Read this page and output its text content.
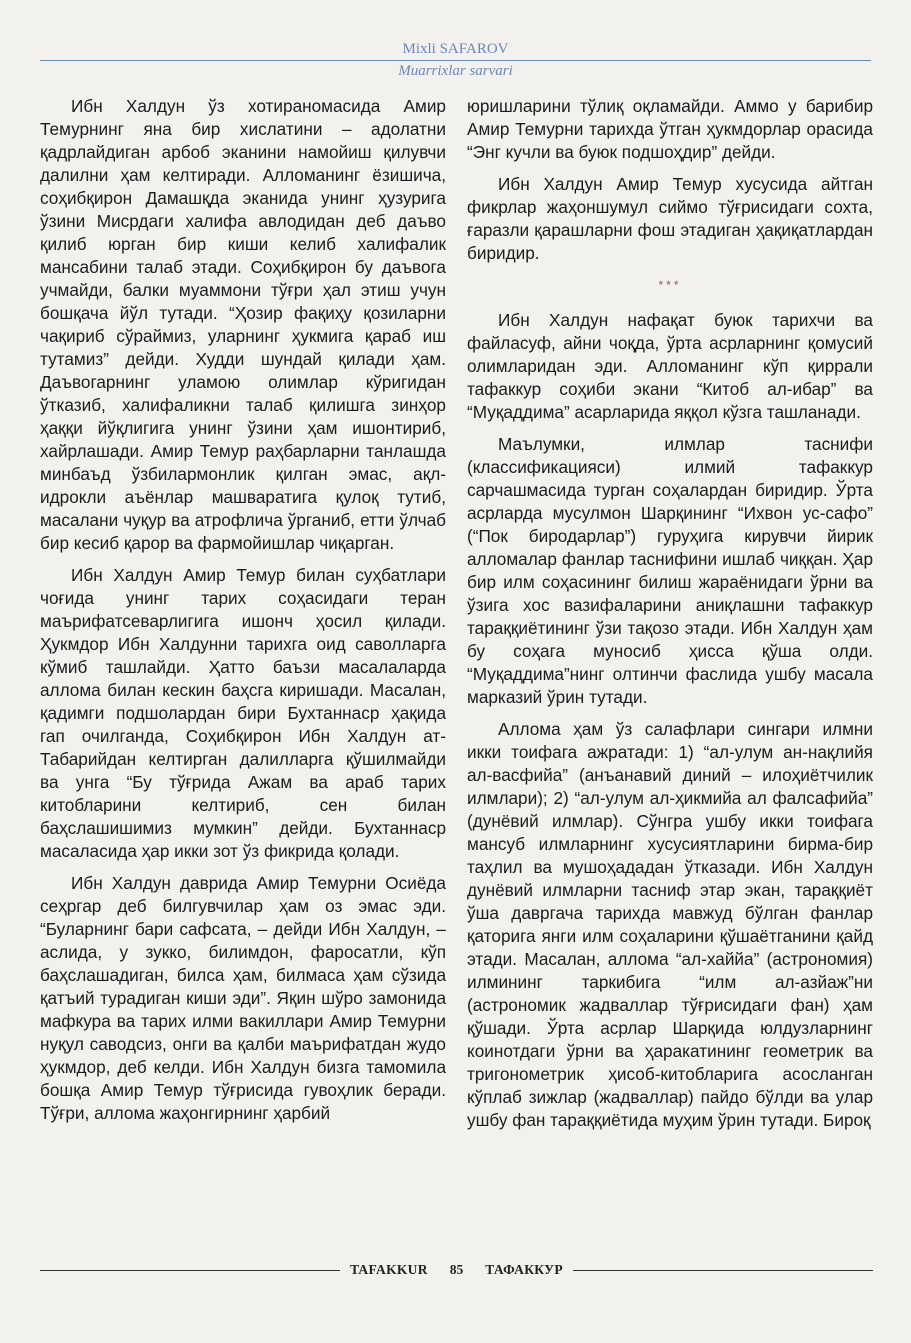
Mixli SAFAROV
Muarrixlar sarvari

Ибн Халдун ўз хотираномасида Амир Темурнинг яна бир хислатини – адолатни қадрлайдиган арбоб эканини намойиш қилувчи далилни ҳам келтиради. Алломанинг ёзишича, соҳибқирон Дамашқда эканида унинг ҳузурига ўзини Мисрдаги халифа авлодидан деб даъво қилиб юрган бир киши келиб халифалик мансабини талаб этади. Соҳибқирон бу даъвога учмайди, балки муаммони тўғри ҳал этиш учун бошқача йўл тутади. “Ҳозир фақиҳу қозиларни чақириб сўраймиз, уларнинг ҳукмига қараб иш тутамиз” дейди. Худди шундай қилади ҳам. Даъвогарнинг уламою олимлар кўригидан ўтказиб, халифаликни талаб қилишга зинҳор ҳаққи йўқлигига унинг ўзини ҳам ишонтириб, хайрлашади. Амир Темур раҳбарларни танлашда минбаъд ўзбилармонлик қилган эмас, ақл-идрокли аъёнлар машваратига қулоқ тутиб, масалани чуқур ва атрофлича ўрганиб, етти ўлчаб бир кесиб қарор ва фармойишлар чиқарган.

Ибн Халдун Амир Темур билан суҳбатлари чоғида унинг тарих соҳасидаги теран маърифатсеварлигига ишонч ҳосил қилади. Ҳукмдор Ибн Халдунни тарихга оид саволларга кўмиб ташлайди. Ҳатто баъзи масалаларда аллома билан кескин баҳсга киришади. Масалан, қадимги подшолардан бири Бухтаннаср ҳақида гап очилганда, Соҳибқирон Ибн Халдун ат-Табарийдан келтирган далилларга қўшилмайди ва унга “Бу тўғрида Ажам ва араб тарих китобларини келтириб, сен билан баҳслашишимиз мумкин” дейди. Бухтаннаср масаласида ҳар икки зот ўз фикрида қолади.

Ибн Халдун даврида Амир Темурни Осиёда сеҳргар деб билгувчилар ҳам оз эмас эди. “Буларнинг бари сафсата, – дейди Ибн Халдун, – аслида, у зукко, билимдон, фаросатли, кўп баҳслашадиган, билса ҳам, билмаса ҳам сўзида қатъий турадиган киши эди”. Яқин шўро замонида мафкура ва тарих илми вакиллари Амир Темурни нуқул саводсиз, онги ва қалби маърифатдан жудо ҳукмдор, деб келди. Ибн Халдун бизга тамомила бошқа Амир Темур тўғрисида гувоҳлик беради. Тўғри, аллома жаҳонгирнинг ҳарбий

юришларини тўлиқ оқламайди. Аммо у барибир Амир Темурни тарихда ўтган ҳукмдорлар орасида “Энг кучли ва буюк подшоҳдир” дейди.

Ибн Халдун Амир Темур хусусида айтган фикрлар жаҳоншумул сиймо тўғрисидаги сохта, ғаразли қарашларни фош этадиган ҳақиқатлардан биридир.

***

Ибн Халдун нафақат буюк тарихчи ва файласуф, айни чоқда, ўрта асрларнинг қомусий олимларидан эди. Алломанинг кўп қиррали тафаккур соҳиби экани “Китоб ал-ибар” ва “Муқаддима” асарларида яққол кўзга ташланади.

Маълумки, илмлар таснифи (классификацияси) илмий тафаккур сарчашмасида турган соҳалардан биридир. Ўрта асрларда мусулмон Шарқининг “Ихвон ус-сафо” (“Пок биродарлар”) гуруҳига кирувчи йирик алломалар фанлар таснифини ишлаб чиққан. Ҳар бир илм соҳасининг билиш жараёнидаги ўрни ва ўзига хос вазифаларини аниқлашни тафаккур тараққиётининг ўзи тақозо этади. Ибн Халдун ҳам бу соҳага муносиб ҳисса қўша олди. “Муқаддима”нинг олтинчи фаслида ушбу масала марказий ўрин тутади.

Аллома ҳам ўз салафлари сингари илмни икки тоифага ажратади: 1) “ал-улум ан-нақлийя ал-васфийа” (анъанавий диний – илоҳиётчилик илмлари); 2) “ал-улум ал-ҳикмийа ал фалсафийа” (дунёвий илмлар). Сўнгра ушбу икки тоифага мансуб илмларнинг хусусиятларини бирма-бир таҳлил ва мушоҳададан ўтказади. Ибн Халдун дунёвий илмларни тасниф этар экан, тараққиёт ўша давргача тарихда мавжуд бўлган фанлар қаторига янги илм соҳаларини қўшаётганини қайд этади. Масалан, аллома “ал-хаййа” (астрономия) илмининг таркибига “илм ал-азйаж”ни (астрономик жадваллар тўғрисидаги фан) ҳам қўшади. Ўрта асрлар Шарқида юлдузларнинг коинотдаги ўрни ва ҳаракатининг геометрик ва тригонометрик ҳисоб-китобларига асосланган кўплаб зижлар (жадваллар) пайдо бўлди ва улар ушбу фан тараққиётида муҳим ўрин тутади. Бироқ

TAFAKKUR	85	ТАФАККУР
